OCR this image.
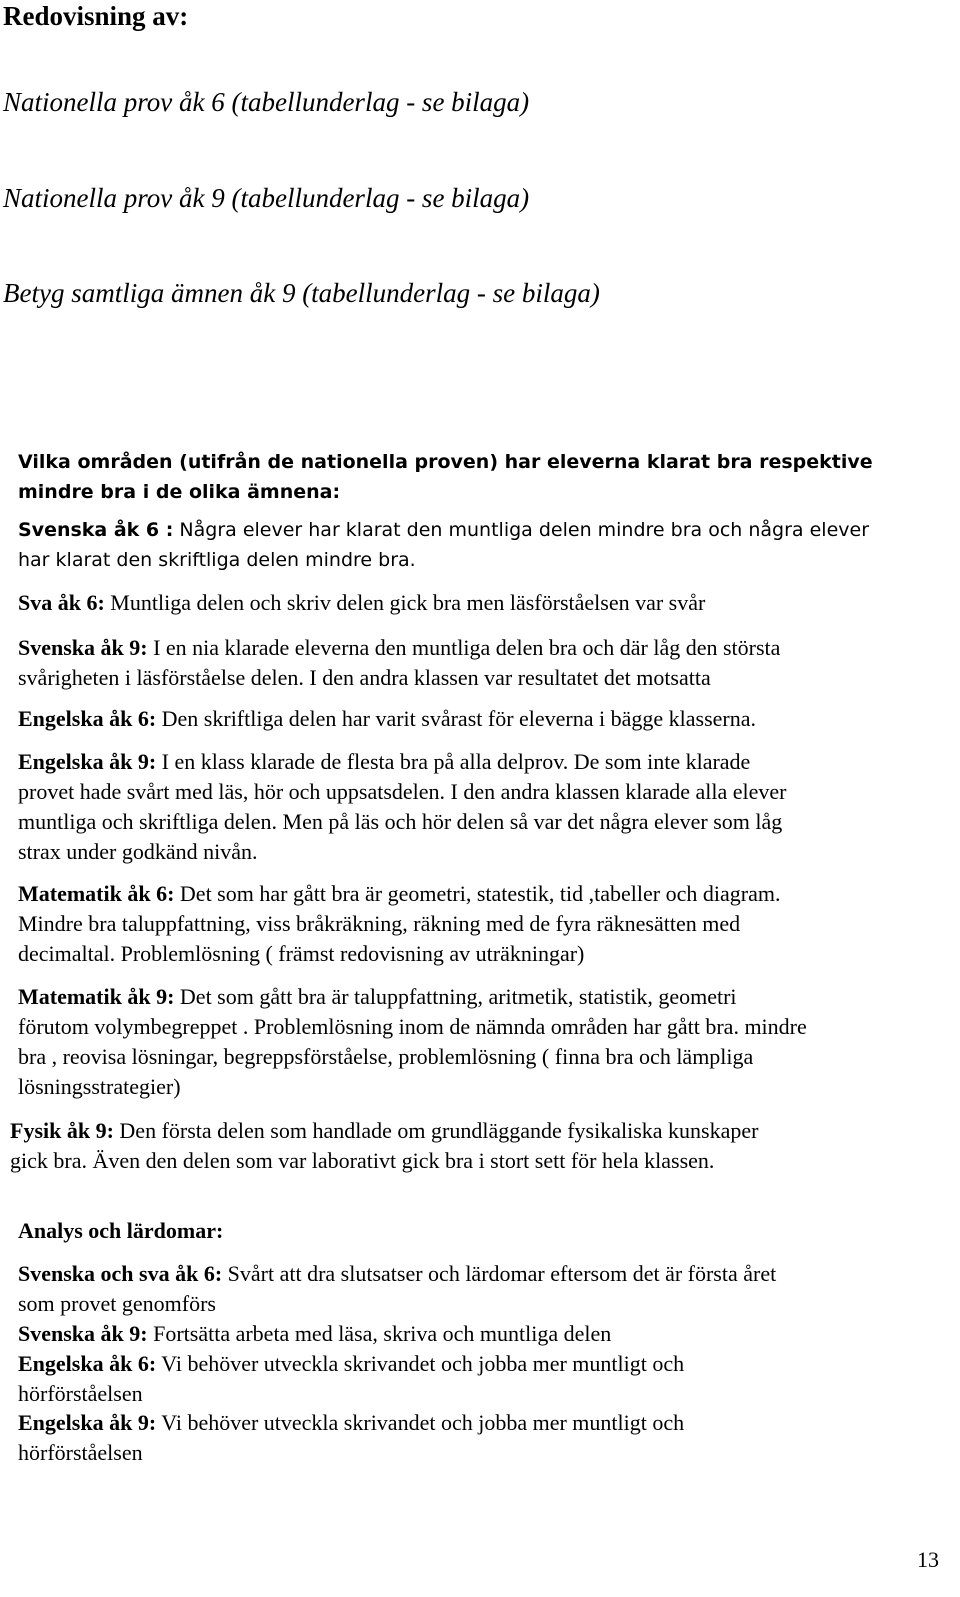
Redovisning av:

Nationella prov åk 6 (tabellunderlag - se bilaga)

Nationella prov åk 9 (tabellunderlag - se bilaga)

Betyg samtliga ämnen åk 9 (tabellunderlag - se bilaga)

Vilka områden (utifrån de nationella proven) har eleverna klarat bra respektive

mindre bra i de olika ämnena:

Svenska åk 6 : Några elever har klarat den muntliga delen mindre bra och några elever

har klarat den skriftliga delen mindre bra.

Sva åk 6: Muntliga delen och skriv delen gick bra men läsförståelsen var svår

Svenska åk 9: I en nia klarade eleverna den muntliga delen bra och där låg den största

svårigheten i läsförståelse delen. I den andra klassen var resultatet det motsatta

Engelska åk 6: Den skriftliga delen har varit svårast för eleverna i bägge klasserna.

Engelska åk 9: I en klass klarade de flesta bra på alla delprov. De som inte klarade

provet hade svårt med läs, hör och uppsatsdelen. I den andra klassen klarade alla elever

muntliga och skriftliga delen. Men på läs och hör delen så var det några elever som låg

strax under godkänd nivån.

Matematik åk 6: Det som har gått bra är geometri, statestik, tid ,tabeller och diagram.

Mindre bra taluppfattning, viss bråkräkning, räkning med de fyra räknesätten med

decimaltal. Problemlösning ( främst redovisning av uträkningar)

Matematik åk 9: Det som gått bra är taluppfattning, aritmetik, statistik, geometri

förutom volymbegreppet . Problemlösning inom de nämnda områden har gått bra. mindre

bra , reovisa lösningar, begreppsförståelse, problemlösning ( finna bra och lämpliga

lösningsstrategier)

Fysik åk 9: Den första delen som handlade om grundläggande fysikaliska kunskaper

gick bra. Även den delen som var laborativt gick bra i stort sett för hela klassen.

Analys och lärdomar:

Svenska och sva åk 6: Svårt att dra slutsatser och lärdomar eftersom det är första året

som provet genomförs

Svenska åk 9: Fortsätta arbeta med läsa, skriva och muntliga delen

Engelska åk 6: Vi behöver utveckla skrivandet och jobba mer muntligt och

hörförståelsen

Engelska åk 9: Vi behöver utveckla skrivandet och jobba mer muntligt och

hörförståelsen

13
